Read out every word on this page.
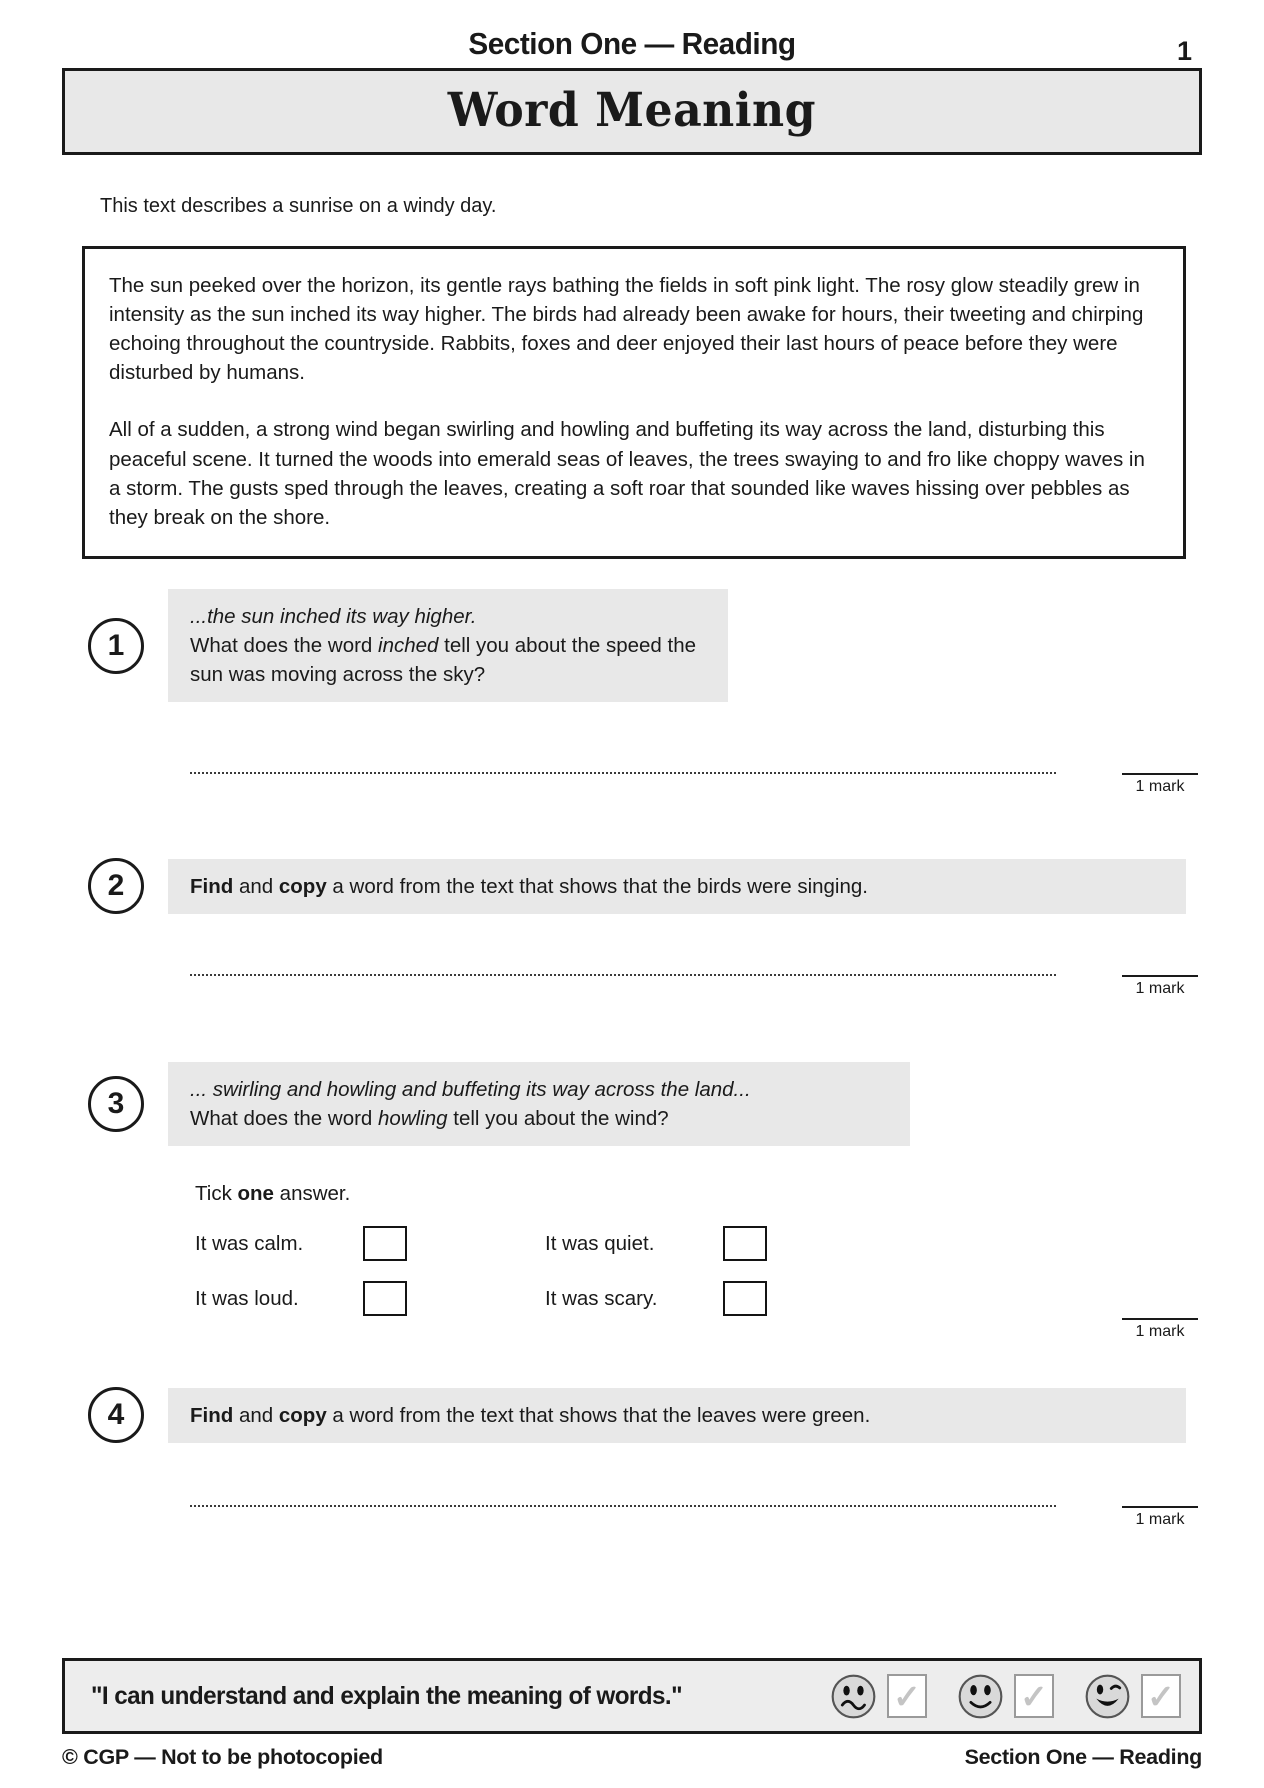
Section One — Reading	1
Word Meaning
This text describes a sunrise on a windy day.

The sun peeked over the horizon, its gentle rays bathing the fields in soft pink light. The rosy glow steadily grew in intensity as the sun inched its way higher. The birds had already been awake for hours, their tweeting and chirping echoing throughout the countryside. Rabbits, foxes and deer enjoyed their last hours of peace before they were disturbed by humans.

All of a sudden, a strong wind began swirling and howling and buffeting its way across the land, disturbing this peaceful scene. It turned the woods into emerald seas of leaves, the trees swaying to and fro like choppy waves in a storm. The gusts sped through the leaves, creating a soft roar that sounded like waves hissing over pebbles as they break on the shore.

1
...the sun inched its way higher.
What does the word inched tell you about the speed the sun was moving across the sky?
1 mark
2	Find and copy a word from the text that shows that the birds were singing.
1 mark
3	... swirling and howling and buffeting its way across the land...
What does the word howling tell you about the wind?
Tick one answer.
It was calm.	It was quiet.
It was loud.	It was scary.
1 mark
4	Find and copy a word from the text that shows that the leaves were green.
1 mark
"I can understand and explain the meaning of words."	✓	✓	✓
© CGP — Not to be photocopied	Section One — Reading
